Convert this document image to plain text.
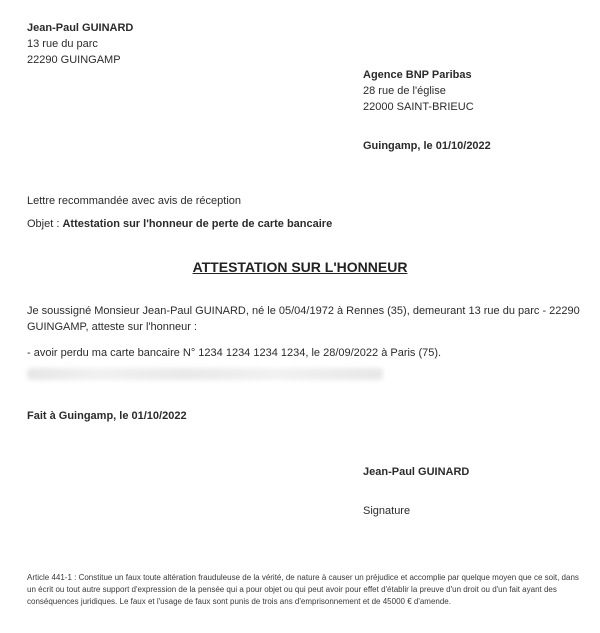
Jean-Paul GUINARD
13 rue du parc
22290 GUINGAMP
Agence BNP Paribas
28 rue de l'église
22000 SAINT-BRIEUC
Guingamp, le 01/10/2022
Lettre recommandée avec avis de réception
Objet : Attestation sur l'honneur de perte de carte bancaire
ATTESTATION SUR L'HONNEUR
Je soussigné Monsieur Jean-Paul GUINARD, né le 05/04/1972 à Rennes (35), demeurant 13 rue du parc - 22290 GUINGAMP, atteste sur l'honneur :
- avoir perdu ma carte bancaire N° 1234 1234 1234 1234, le 28/09/2022 à Paris (75).
Fait à Guingamp, le 01/10/2022
Jean-Paul GUINARD
Signature
Article 441-1 : Constitue un faux toute altération frauduleuse de la vérité, de nature à causer un préjudice et accomplie par quelque moyen que ce soit, dans un écrit ou tout autre support d'expression de la pensée qui a pour objet ou qui peut avoir pour effet d'établir la preuve d'un droit ou d'un fait ayant des conséquences juridiques. Le faux et l'usage de faux sont punis de trois ans d'emprisonnement et de 45000 € d'amende.
